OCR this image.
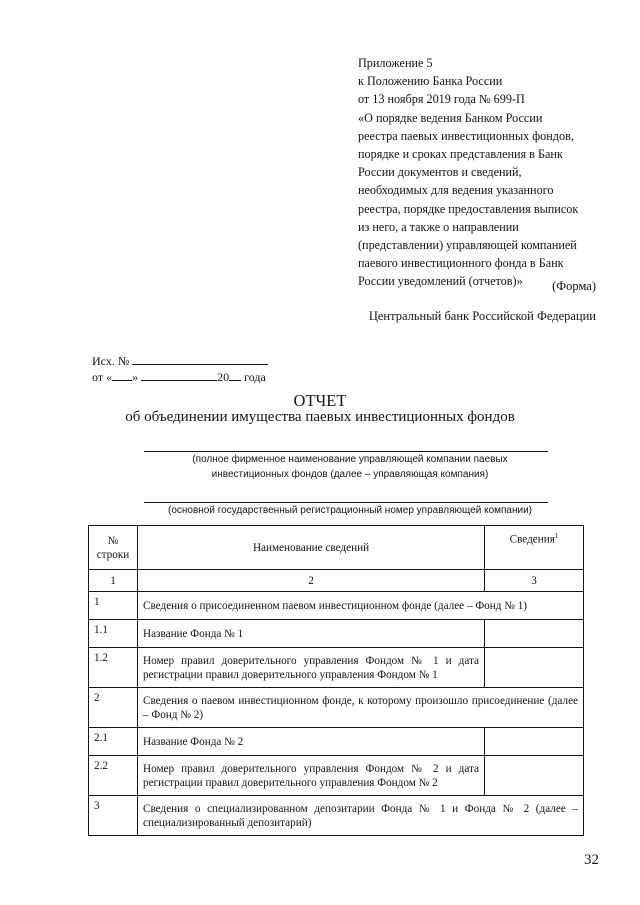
Приложение 5
к Положению Банка России
от 13 ноября 2019 года № 699-П
«О порядке ведения Банком России
реестра паевых инвестиционных фондов,
порядке и сроках представления в Банк
России документов и сведений,
необходимых для ведения указанного
реестра, порядке предоставления выписок
из него, а также о направлении
(представлении) управляющей компанией
паевого инвестиционного фонда в Банк
России уведомлений (отчетов)»	(Форма)
Центральный банк Российской Федерации
Исх. №
от « »	20 года
ОТЧЕТ
об объединении имущества паевых инвестиционных фондов
(полное фирменное наименование управляющей компании паевых
инвестиционных фондов (далее – управляющая компания)
(основной государственный регистрационный номер управляющей компании)
№
строки	Наименование сведений	Сведения$^1$
1	2	3
1	Сведения о присоединенном паевом инвестиционном фонде (далее – Фонд № 1)	
1.1	Название Фонда № 1	
1.2	Номер правил доверительного управления Фондом № 1 и дата регистрации правил доверительного управления Фондом № 1	
2	Сведения о паевом инвестиционном фонде, к которому произошло присоединение (далее – Фонд № 2)	
2.1	Название Фонда № 2	
2.2	Номер правил доверительного управления Фондом № 2 и дата регистрации правил доверительного управления Фондом № 2	
3	Сведения о специализированном депозитарии Фонда № 1 и Фонда № 2 (далее – специализированный депозитарий)	
32
